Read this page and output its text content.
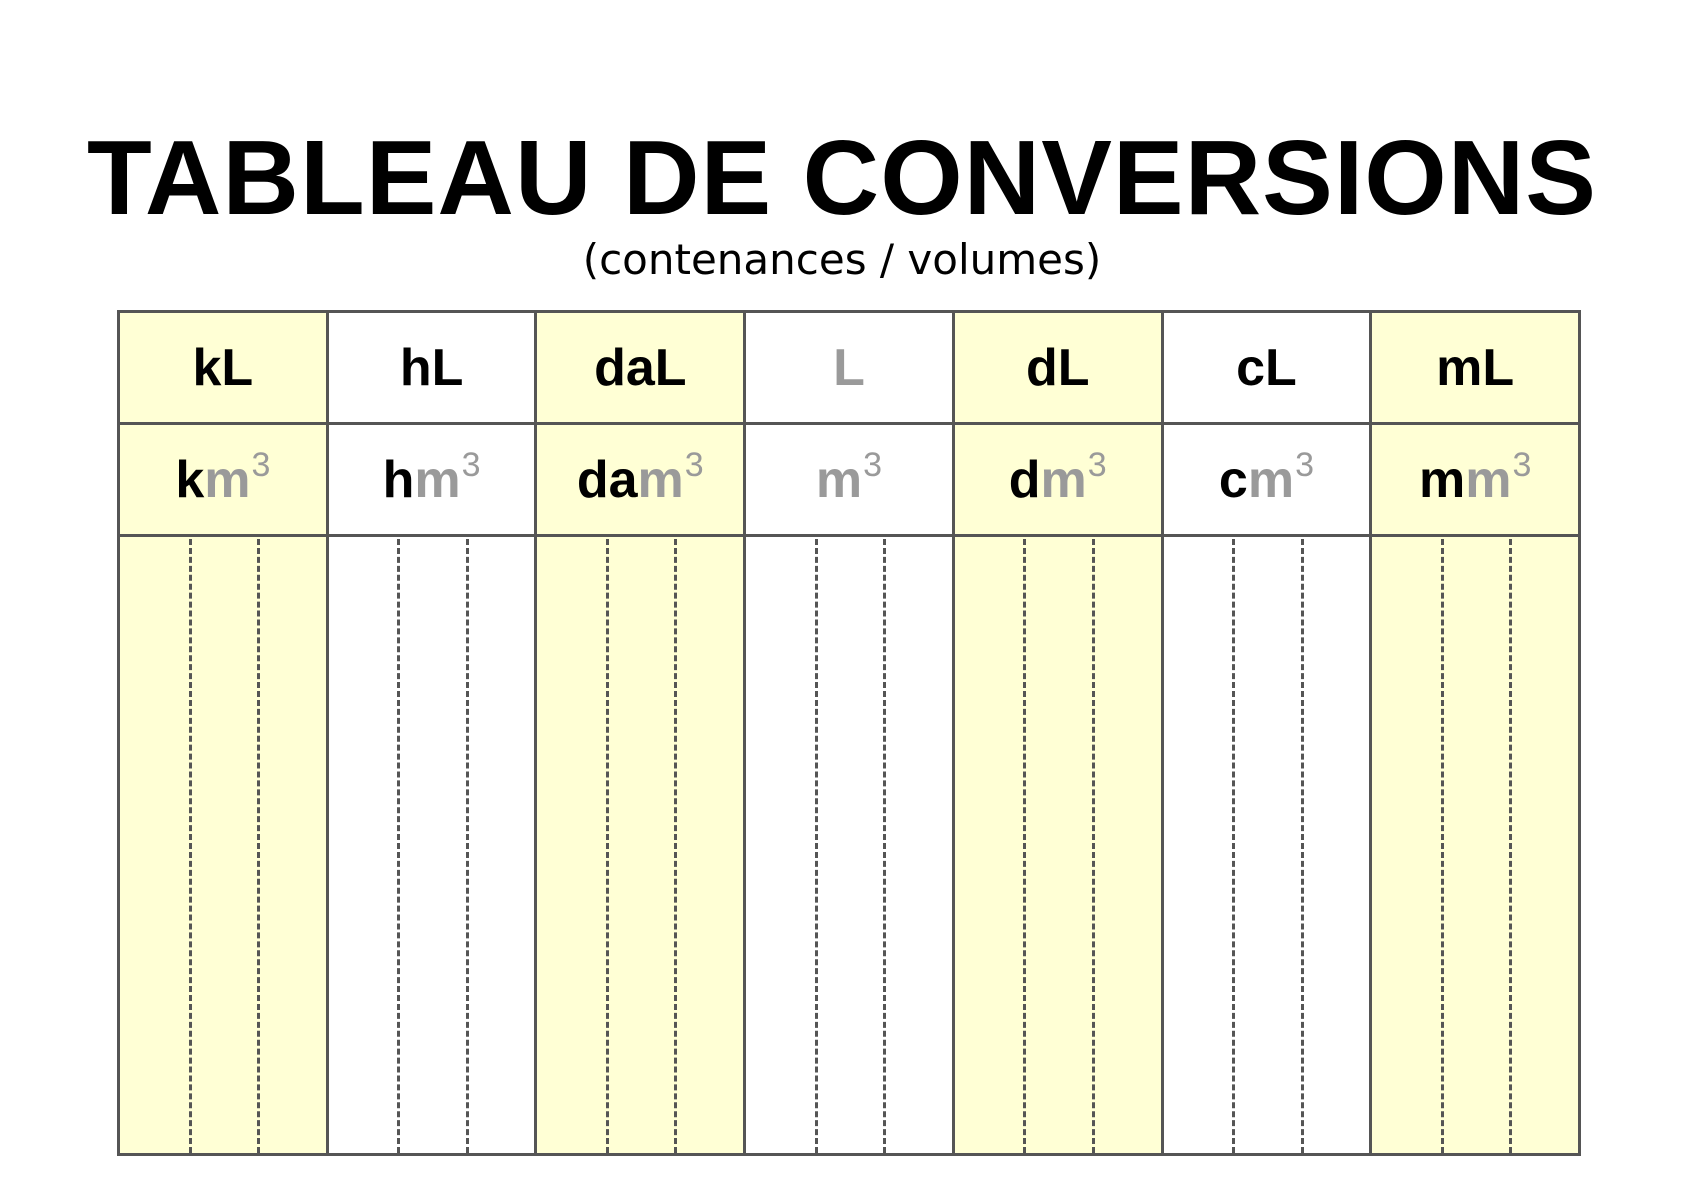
TABLEAU DE CONVERSIONS
(contenances / volumes)
kL
k m 3
hL
h m 3
daL
da m 3
L
m 3
dL
d m 3
cL
c m 3
mL
m m 3
